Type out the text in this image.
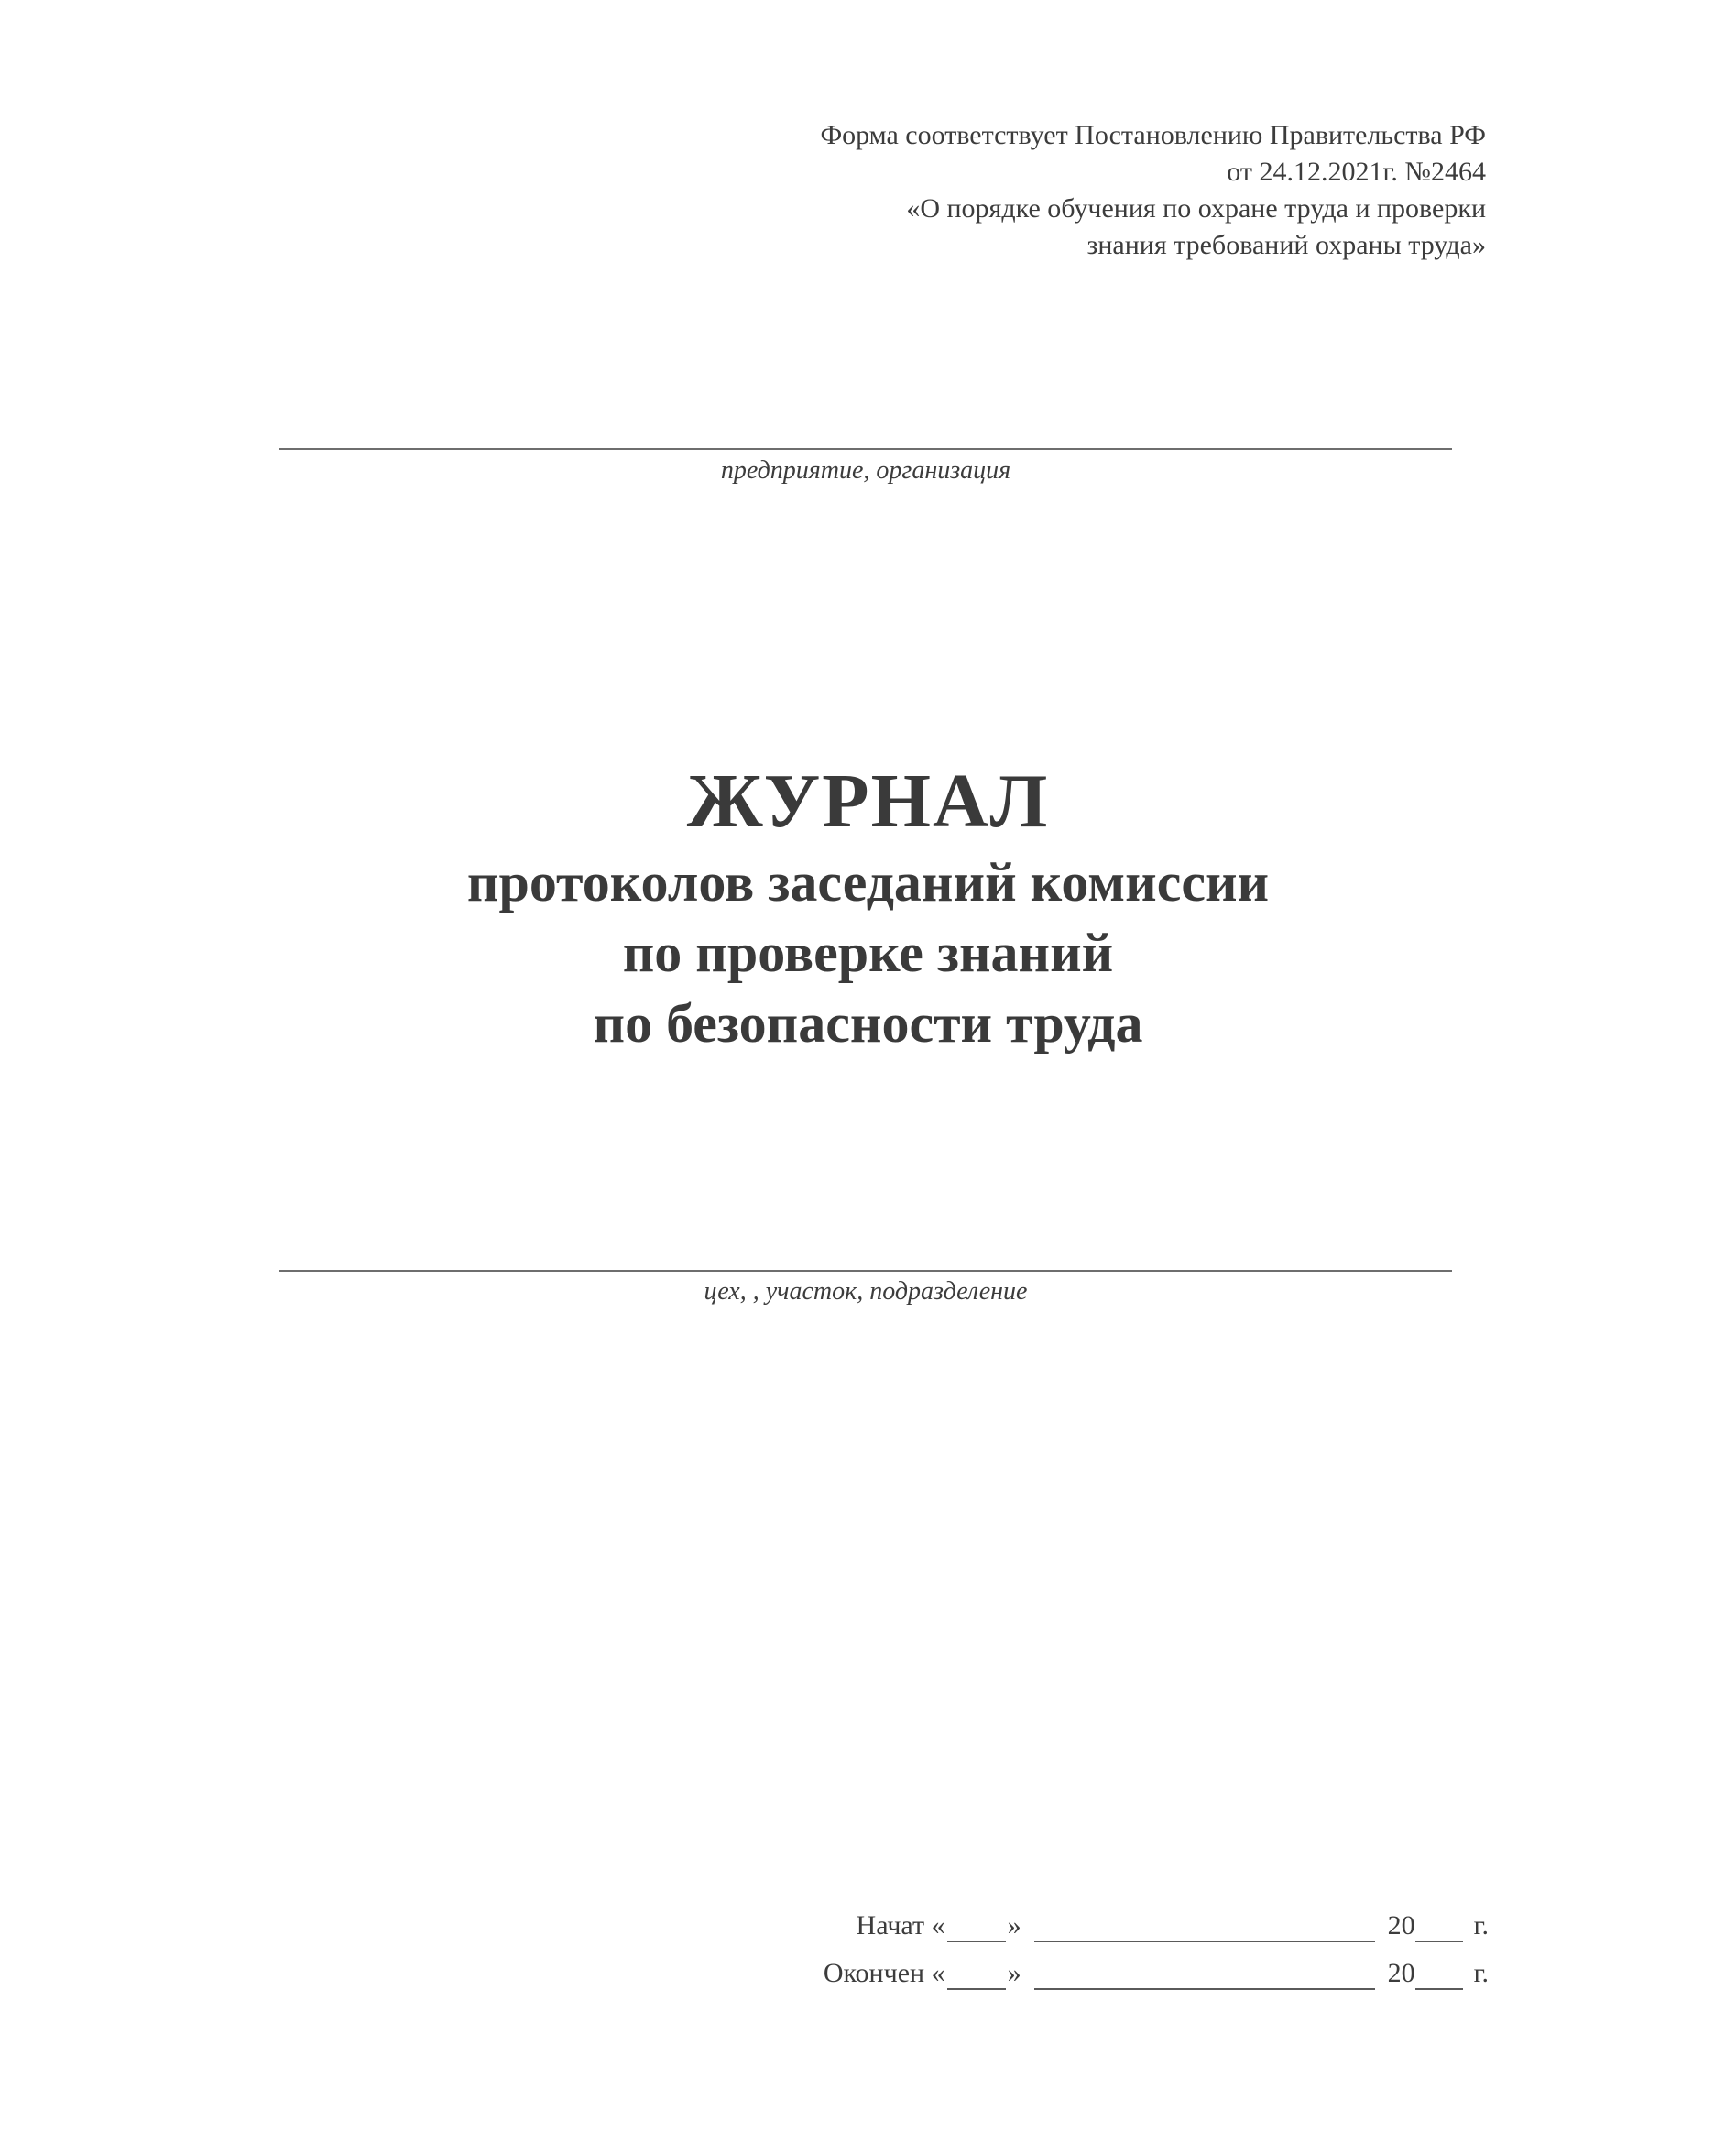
Форма соответствует Постановлению Правительства РФ
от 24.12.2021г. №2464
«О порядке обучения по охране труда и проверки
знания требований охраны труда»
предприятие, организация
ЖУРНАЛ
протоколов заседаний комиссии
по проверке знаний
по безопасности труда
цех, , участок, подразделение
Начат « »	20 г.
Окончен « »	20 г.
